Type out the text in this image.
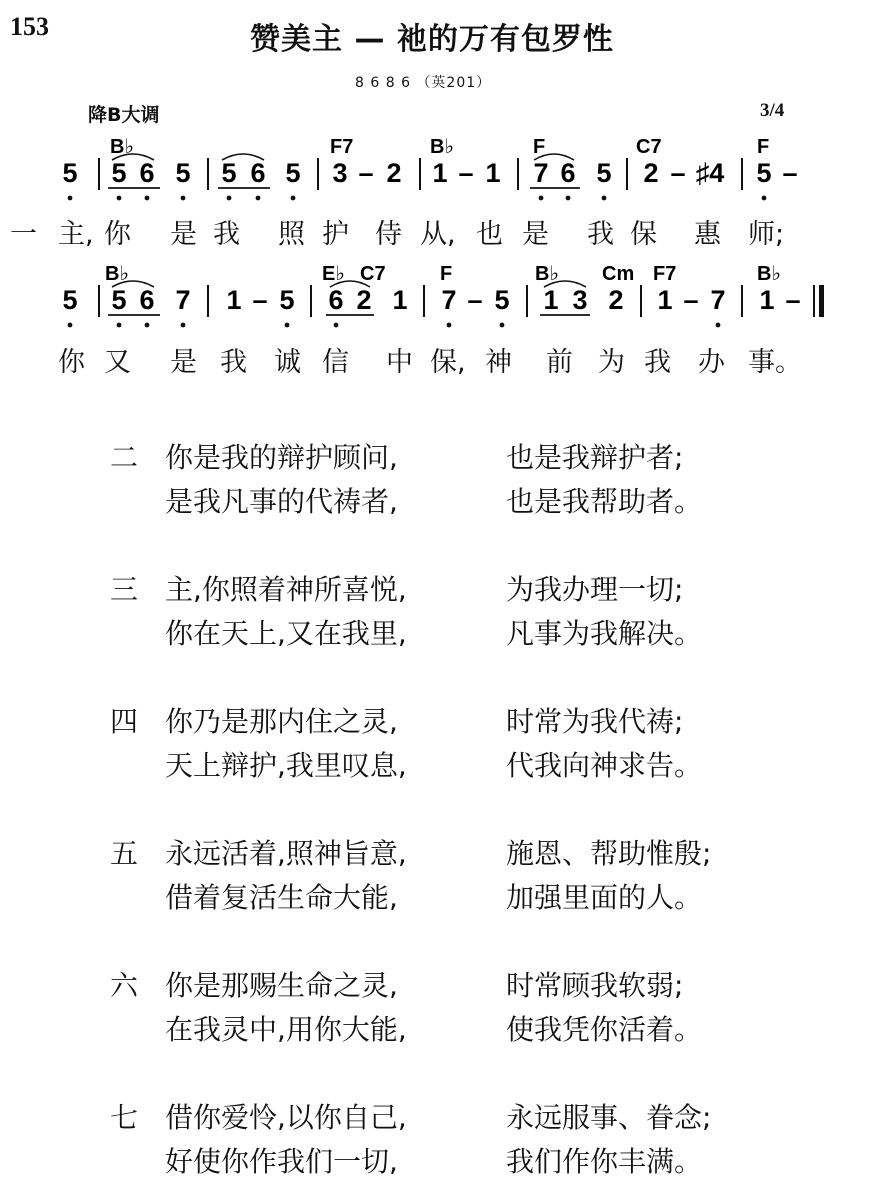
153	赞美主 — 祂的万有包罗性
8 6 8 6 （英201）
降B大调	3/4
B♭	F7	B♭	F	C7	F
5 5 6 5 5 6 5 3 – 2 1 – 1 7 6 5 2 – ♯4 5 –
B♭	E♭ C7	F	B♭ Cm F7	B♭
5 5 6 7 1 – 5 6 2 1 7 – 5 1 3 2 1 – 7 1 –
一 主, 你 是 我 照 护 侍 从, 也 是 我 保 惠 师;
你 又 是 我 诚 信 中 保, 神 前 为 我 办 事。
二 你是我的辩护顾问,	也是我辩护者;
是我凡事的代祷者,	也是我帮助者。
三 主,你照着神所喜悦,	为我办理一切;
你在天上,又在我里,	凡事为我解决。
四 你乃是那内住之灵,	时常为我代祷;
天上辩护,我里叹息,	代我向神求告。
五 永远活着,照神旨意,	施恩、帮助惟殷;
借着复活生命大能,	加强里面的人。
六 你是那赐生命之灵,	时常顾我软弱;
在我灵中,用你大能,	使我凭你活着。
七 借你爱怜,以你自己,	永远服事、眷念;
好使你作我们一切,	我们作你丰满。
